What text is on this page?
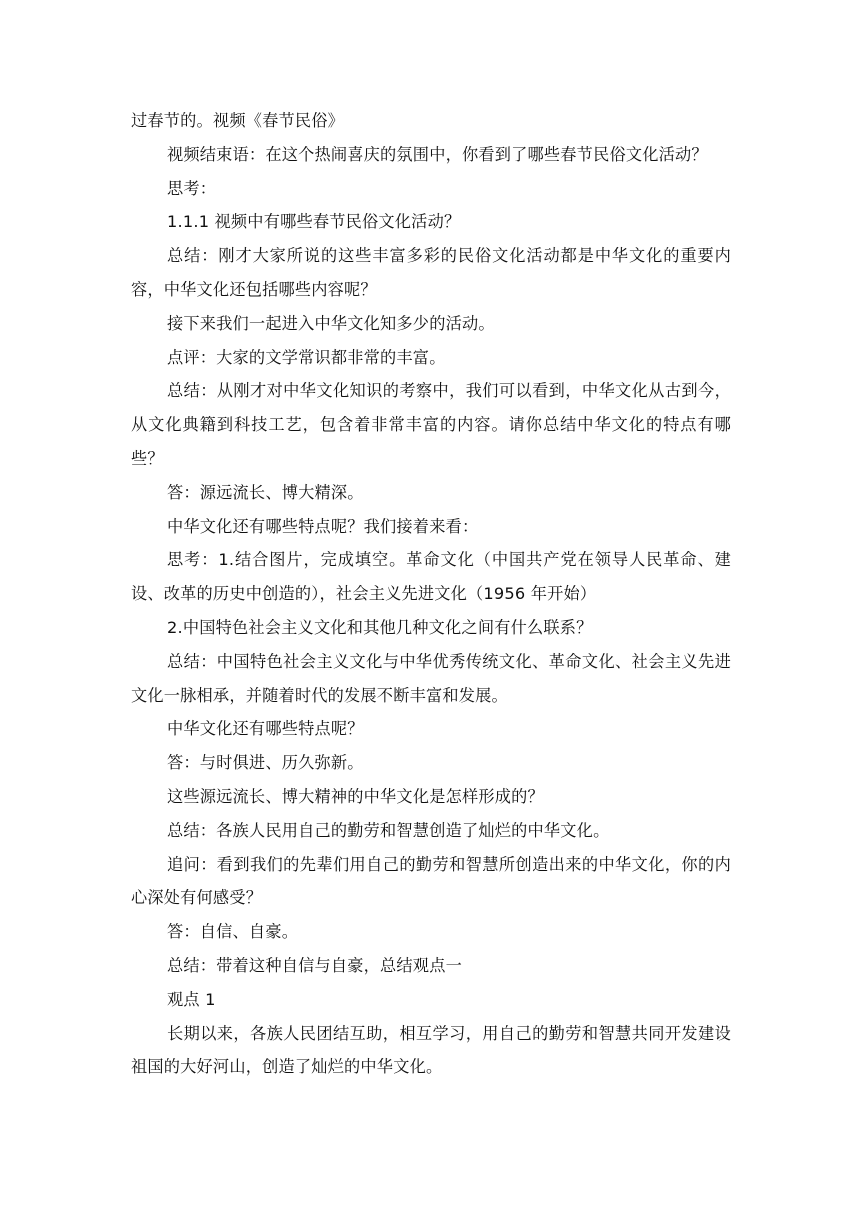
过春节的。视频《春节民俗》

视频结束语：在这个热闹喜庆的氛围中，你看到了哪些春节民俗文化活动？

思考：

1.1.1 视频中有哪些春节民俗文化活动？

总结：刚才大家所说的这些丰富多彩的民俗文化活动都是中华文化的重要内容，中华文化还包括哪些内容呢？

接下来我们一起进入中华文化知多少的活动。

点评：大家的文学常识都非常的丰富。

总结：从刚才对中华文化知识的考察中，我们可以看到，中华文化从古到今，从文化典籍到科技工艺，包含着非常丰富的内容。请你总结中华文化的特点有哪些？

答：源远流长、博大精深。

中华文化还有哪些特点呢？我们接着来看：

思考：1.结合图片，完成填空。革命文化（中国共产党在领导人民革命、建设、改革的历史中创造的），社会主义先进文化（1956 年开始）

2.中国特色社会主义文化和其他几种文化之间有什么联系？

总结：中国特色社会主义文化与中华优秀传统文化、革命文化、社会主义先进文化一脉相承，并随着时代的发展不断丰富和发展。

中华文化还有哪些特点呢？

答：与时俱进、历久弥新。

这些源远流长、博大精神的中华文化是怎样形成的？

总结：各族人民用自己的勤劳和智慧创造了灿烂的中华文化。

追问：看到我们的先辈们用自己的勤劳和智慧所创造出来的中华文化，你的内心深处有何感受？

答：自信、自豪。

总结：带着这种自信与自豪，总结观点一

观点 1

长期以来，各族人民团结互助，相互学习，用自己的勤劳和智慧共同开发建设祖国的大好河山，创造了灿烂的中华文化。
